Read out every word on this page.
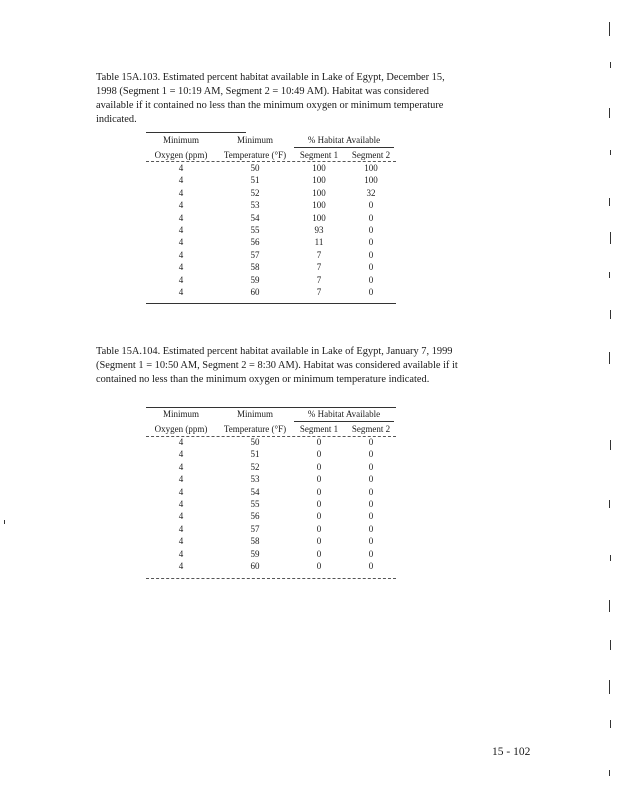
Table 15A.103. Estimated percent habitat available in Lake of Egypt, December 15, 1998 (Segment 1 = 10:19 AM, Segment 2 = 10:49 AM). Habitat was considered available if it contained no less than the minimum oxygen or minimum temperature indicated.

Minimum	Minimum	% Habitat Available
Oxygen (ppm)	Temperature (°F)	Segment 1	Segment 2
4	50	100	100
4	51	100	100
4	52	100	32
4	53	100	0
4	54	100	0
4	55	93	0
4	56	11	0
4	57	7	0
4	58	7	0
4	59	7	0
4	60	7	0

Table 15A.104. Estimated percent habitat available in Lake of Egypt, January 7, 1999 (Segment 1 = 10:50 AM, Segment 2 = 8:30 AM). Habitat was considered available if it contained no less than the minimum oxygen or minimum temperature indicated.

Minimum	Minimum	% Habitat Available
Oxygen (ppm)	Temperature (°F)	Segment 1	Segment 2
4	50	0	0
4	51	0	0
4	52	0	0
4	53	0	0
4	54	0	0
4	55	0	0
4	56	0	0
4	57	0	0
4	58	0	0
4	59	0	0
4	60	0	0
15 - 102
